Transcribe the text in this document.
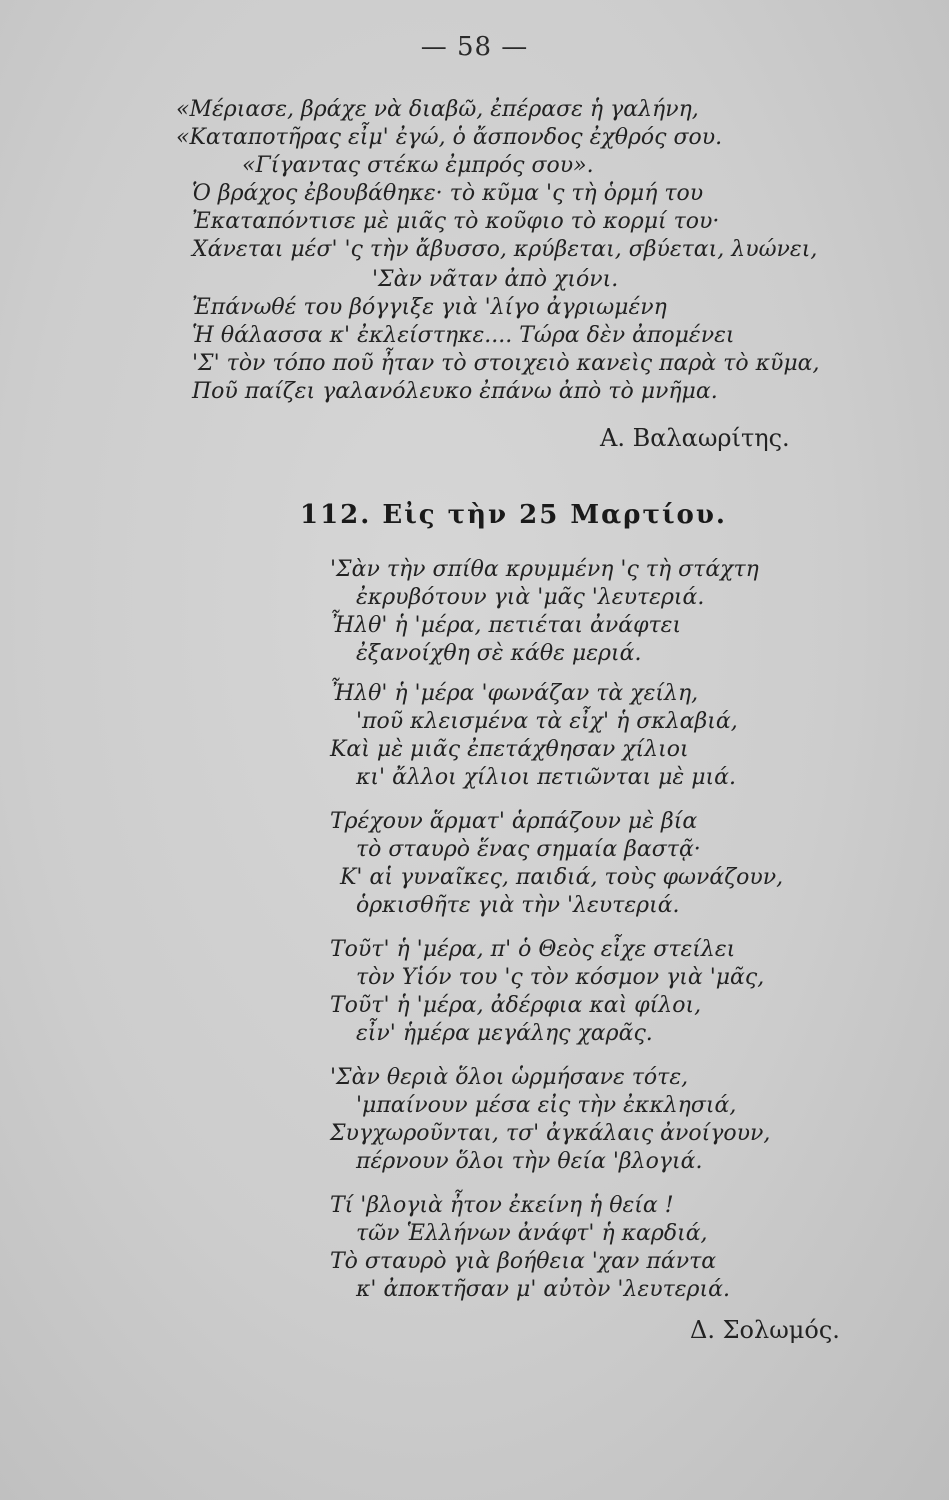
— 58 —
«Μέριασε, βράχε νὰ διαβῶ, ἐπέρασε ἡ γαλήνη,
«Καταποτῆρας εἶμ' ἐγώ, ὁ ἄσπονδος ἐχθρός σου.
«Γίγαντας στέκω ἐμπρός σου».
Ὁ βράχος ἐβουβάθηκε· τὸ κῦμα 'ς τὴ ὁρμή του
Ἐκαταπόντισε μὲ μιᾶς τὸ κοῦφιο τὸ κορμί του·
Χάνεται μέσ' 'ς τὴν ἄβυσσο, κρύβεται, σβύεται, λυώνει,
'Σὰν νᾶταν ἀπὸ χιόνι.
Ἐπάνωθέ του βόγγιξε γιὰ 'λίγο ἀγριωμένη
Ἡ θάλασσα κ' ἐκλείστηκε.... Τώρα δὲν ἀπομένει
'Σ' τὸν τόπο ποῦ ἦταν τὸ στοιχειὸ κανεὶς παρὰ τὸ κῦμα,
Ποῦ παίζει γαλανόλευκο ἐπάνω ἀπὸ τὸ μνῆμα.
Α. Βαλαωρίτης.
112. Εἰς τὴν 25 Μαρτίου.
'Σὰν τὴν σπίθα κρυμμένη 'ς τὴ στάχτη
ἐκρυβότουν γιὰ 'μᾶς 'λευτεριά.
Ἦλθ' ἡ 'μέρα, πετιέται ἀνάφτει
ἐξανοίχθη σὲ κάθε μεριά.
Ἦλθ' ἡ 'μέρα 'φωνάζαν τὰ χείλη,
'ποῦ κλεισμένα τὰ εἶχ' ἡ σκλαβιά,
Καὶ μὲ μιᾶς ἐπετάχθησαν χίλιοι
κι' ἄλλοι χίλιοι πετιῶνται μὲ μιά.
Τρέχουν ἅρματ' ἁρπάζουν μὲ βία
τὸ σταυρὸ ἕνας σημαία βαστᾷ·
Κ' αἱ γυναῖκες, παιδιά, τοὺς φωνάζουν,
ὁρκισθῆτε γιὰ τὴν 'λευτεριά.
Τοῦτ' ἡ 'μέρα, π' ὁ Θεὸς εἶχε στείλει
τὸν Υἱόν του 'ς τὸν κόσμον γιὰ 'μᾶς,
Τοῦτ' ἡ 'μέρα, ἀδέρφια καὶ φίλοι,
εἶν' ἡμέρα μεγάλης χαρᾶς.
'Σὰν θεριὰ ὅλοι ὡρμήσανε τότε,
'μπαίνουν μέσα εἰς τὴν ἐκκλησιά,
Συγχωροῦνται, τσ' ἀγκάλαις ἀνοίγουν,
πέρνουν ὅλοι τὴν θεία 'βλογιά.
Τί 'βλογιὰ ἦτον ἐκείνη ἡ θεία !
τῶν Ἑλλήνων ἀνάφτ' ἡ καρδιά,
Τὸ σταυρὸ γιὰ βοήθεια 'χαν πάντα
κ' ἀποκτῆσαν μ' αὐτὸν 'λευτεριά.
Δ. Σολωμός.
